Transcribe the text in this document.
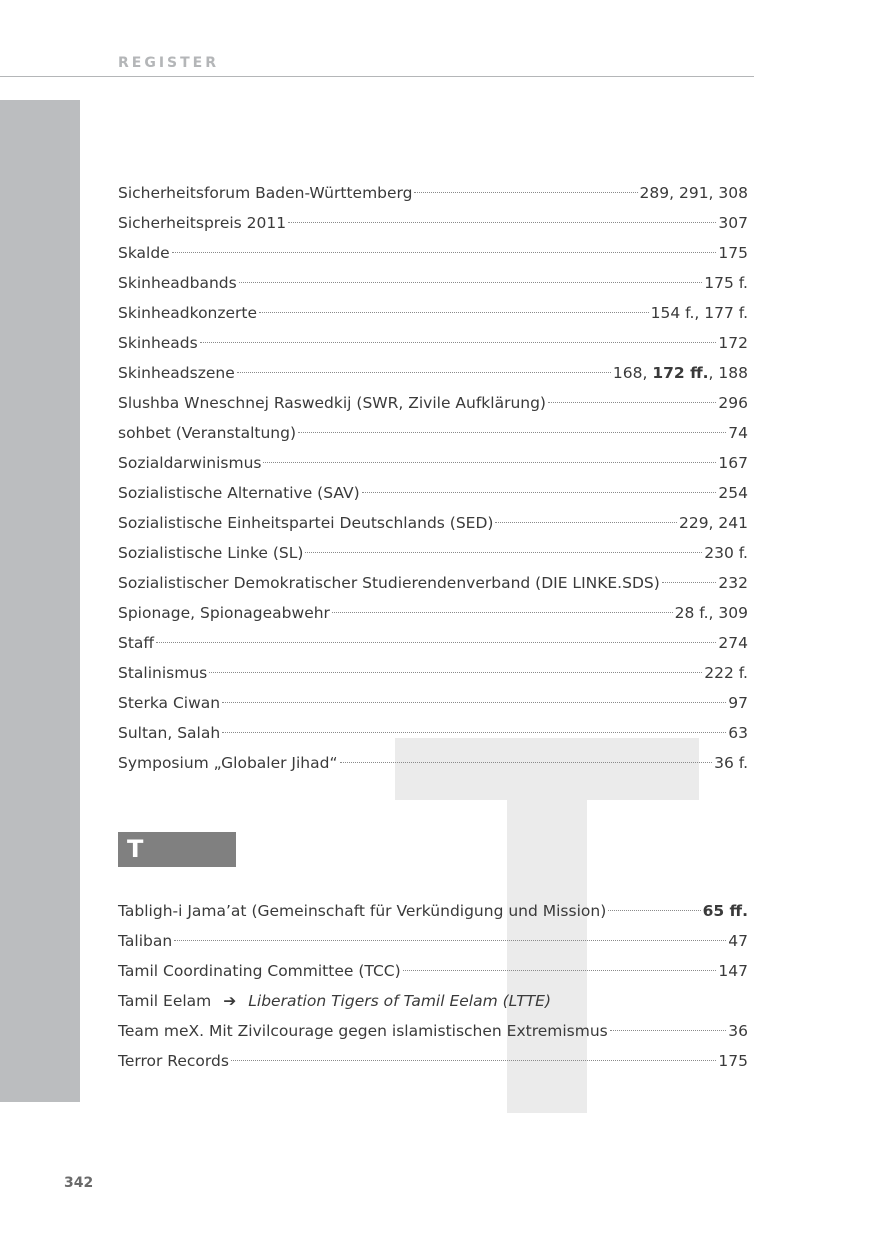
REGISTER
Sicherheitsforum Baden-Württemberg	289, 291, 308
Sicherheitspreis 2011	307
Skalde	175
Skinheadbands	175 f.
Skinheadkonzerte	154 f., 177 f.
Skinheads	172
Skinheadszene	168, 172 ff., 188
Slushba Wneschnej Raswedkij (SWR, Zivile Aufklärung)	296
sohbet (Veranstaltung)	74
Sozialdarwinismus	167
Sozialistische Alternative (SAV)	254
Sozialistische Einheitspartei Deutschlands (SED)	229, 241
Sozialistische Linke (SL)	230 f.
Sozialistischer Demokratischer Studierendenverband (DIE LINKE.SDS)	232
Spionage, Spionageabwehr	28 f., 309
Staff	274
Stalinismus	222 f.
Sterka Ciwan	97
Sultan, Salah	63
Symposium „Globaler Jihad“	36 f.
T
Tabligh-i Jama’at (Gemeinschaft für Verkündigung und Mission)	65 ff.
Taliban	47
Tamil Coordinating Committee (TCC)	147
Tamil Eelam ➔ Liberation Tigers of Tamil Eelam (LTTE)
Team meX. Mit Zivilcourage gegen islamistischen Extremismus	36
Terror Records	175
342
